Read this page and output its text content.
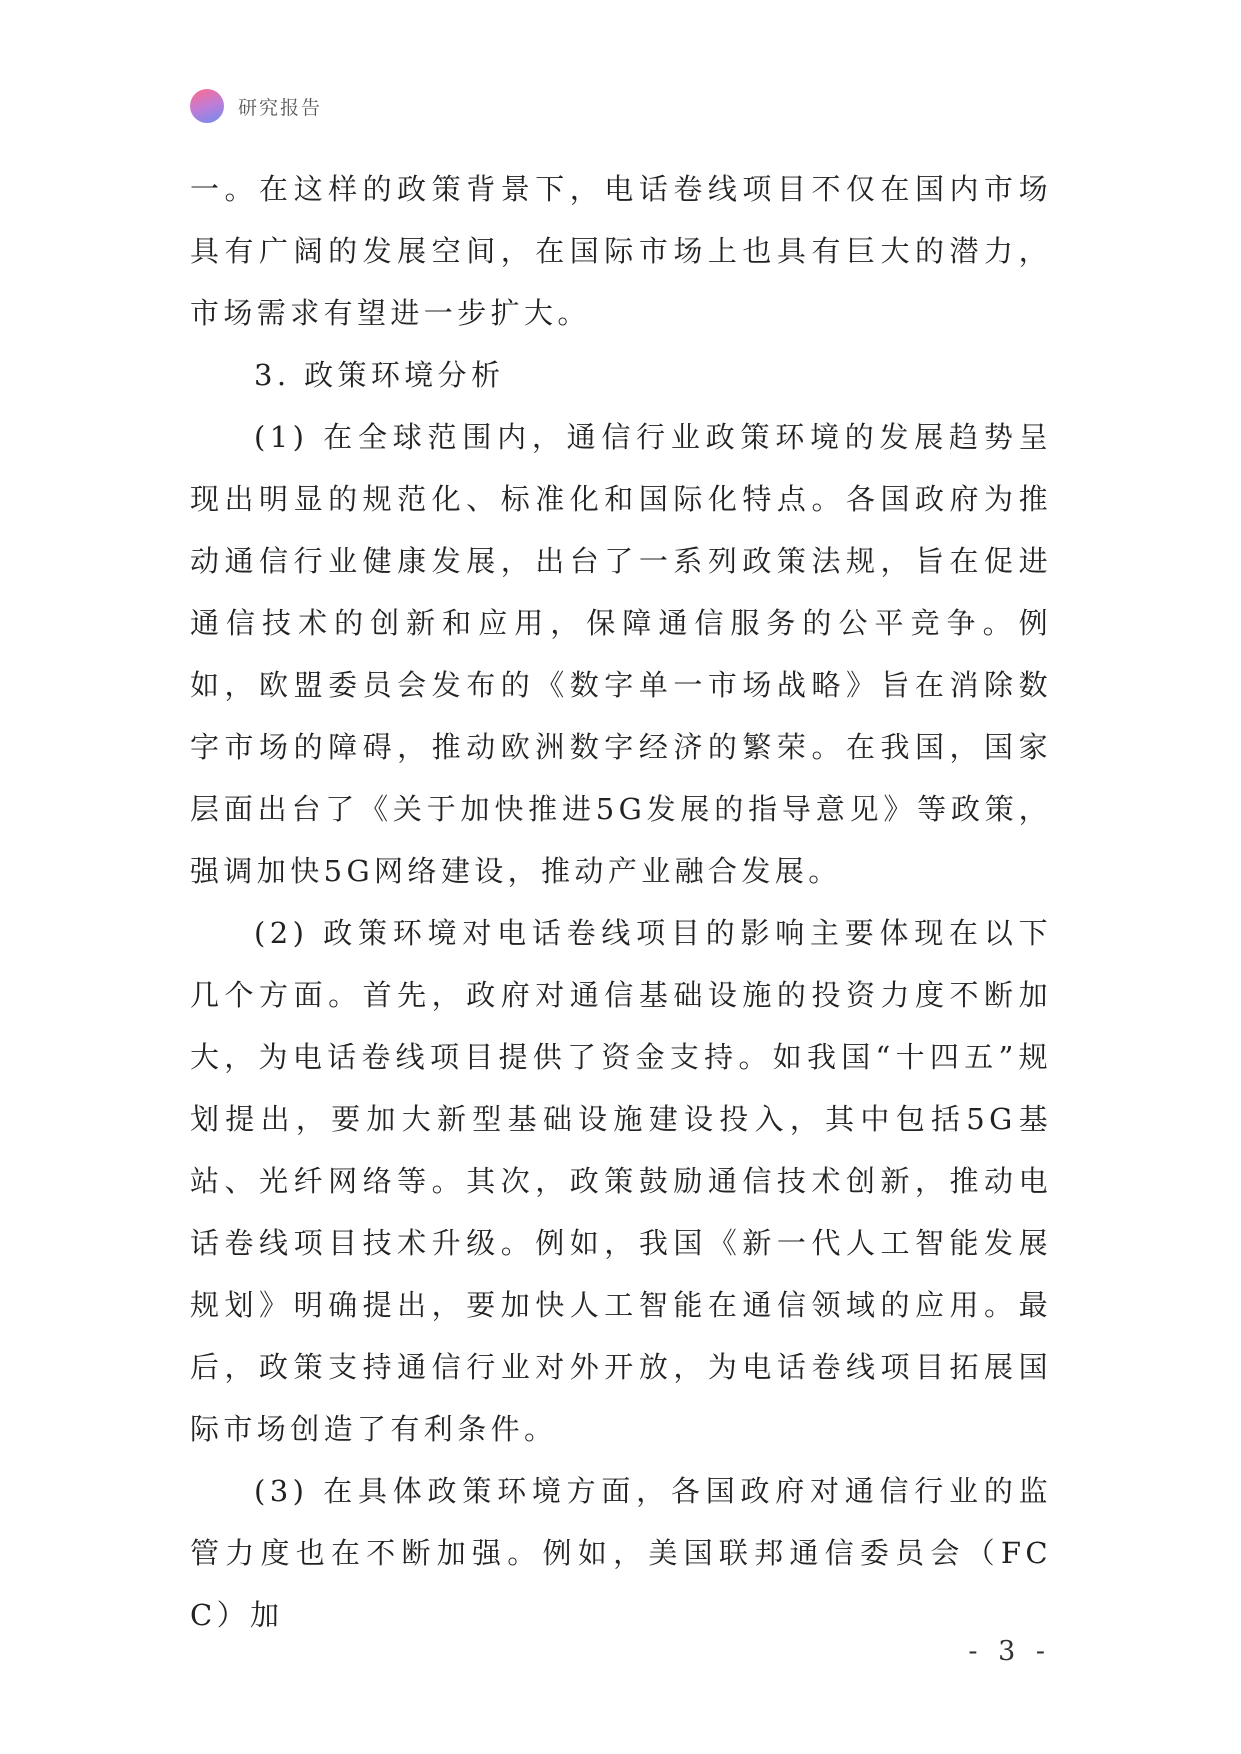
研究报告

一。在这样的政策背景下，电话卷线项目不仅在国内市场具有广阔的发展空间，在国际市场上也具有巨大的潜力，市场需求有望进一步扩大。

3. 政策环境分析

(1) 在全球范围内，通信行业政策环境的发展趋势呈现出明显的规范化、标准化和国际化特点。各国政府为推动通信行业健康发展，出台了一系列政策法规，旨在促进通信技术的创新和应用，保障通信服务的公平竞争。例如，欧盟委员会发布的《数字单一市场战略》旨在消除数字市场的障碍，推动欧洲数字经济的繁荣。在我国，国家层面出台了《关于加快推进5G发展的指导意见》等政策，强调加快5G网络建设，推动产业融合发展。

(2) 政策环境对电话卷线项目的影响主要体现在以下几个方面。首先，政府对通信基础设施的投资力度不断加大，为电话卷线项目提供了资金支持。如我国“十四五”规划提出，要加大新型基础设施建设投入，其中包括5G基站、光纤网络等。其次，政策鼓励通信技术创新，推动电话卷线项目技术升级。例如，我国《新一代人工智能发展规划》明确提出，要加快人工智能在通信领域的应用。最后，政策支持通信行业对外开放，为电话卷线项目拓展国际市场创造了有利条件。

(3) 在具体政策环境方面，各国政府对通信行业的监管力度也在不断加强。例如，美国联邦通信委员会（FCC）加

- 3 -
